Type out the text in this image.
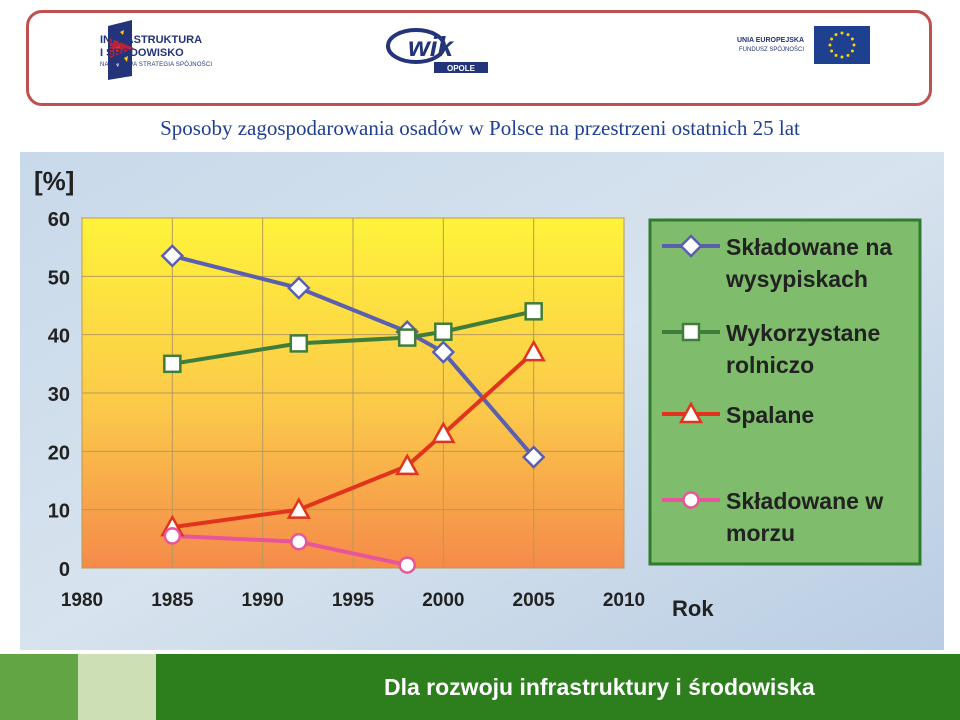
INFRASTRUKTURA
I ŚRODOWISKO
NARODOWA STRATEGIA SPÓJNOŚCI
wik
OPOLE
UNIA EUROPEJSKA
FUNDUSZ SPÓJNOŚCI
Sposoby zagospodarowania osadów w Polsce na przestrzeni ostatnich 25 lat
0
10
20
30
40
50
60
1980	1985	1990	1995	2000	2005	2010
[%]
Rok
Składowane na
wysypiskach
Wykorzystane
rolniczo
Spalane
Składowane w
morzu
Dla rozwoju infrastruktury i środowiska
